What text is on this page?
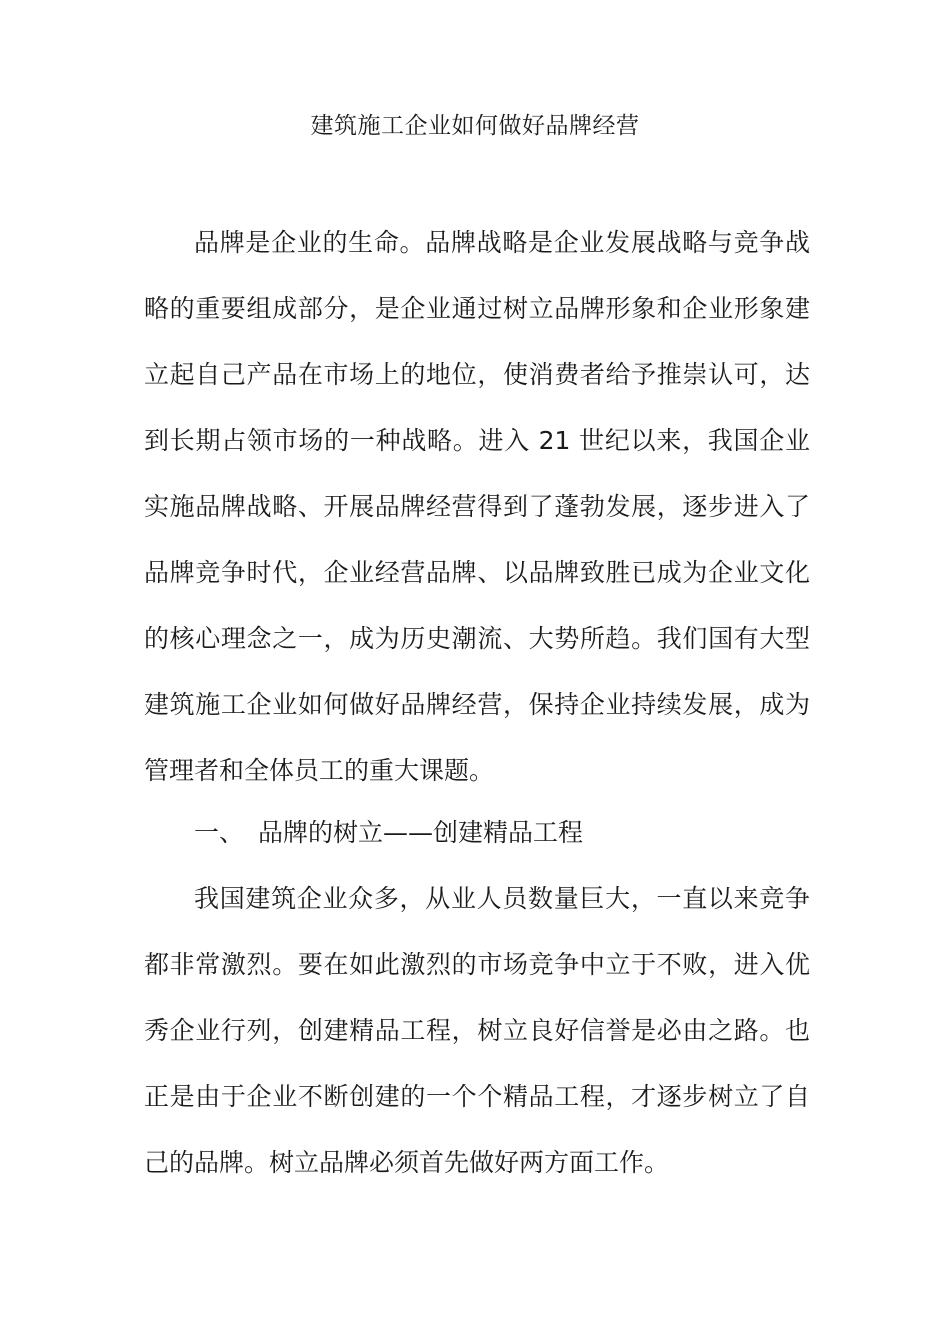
建筑施工企业如何做好品牌经营

品牌是企业的生命。品牌战略是企业发展战略与竞争战略的重要组成部分，是企业通过树立品牌形象和企业形象建立起自己产品在市场上的地位，使消费者给予推崇认可，达到长期占领市场的一种战略。进入 21 世纪以来，我国企业实施品牌战略、开展品牌经营得到了蓬勃发展，逐步进入了品牌竞争时代，企业经营品牌、以品牌致胜已成为企业文化的核心理念之一，成为历史潮流、大势所趋。我们国有大型建筑施工企业如何做好品牌经营，保持企业持续发展，成为管理者和全体员工的重大课题。

一、 品牌的树立——创建精品工程

我国建筑企业众多，从业人员数量巨大，一直以来竞争都非常激烈。要在如此激烈的市场竞争中立于不败，进入优秀企业行列，创建精品工程，树立良好信誉是必由之路。也正是由于企业不断创建的一个个精品工程，才逐步树立了自己的品牌。树立品牌必须首先做好两方面工作。
